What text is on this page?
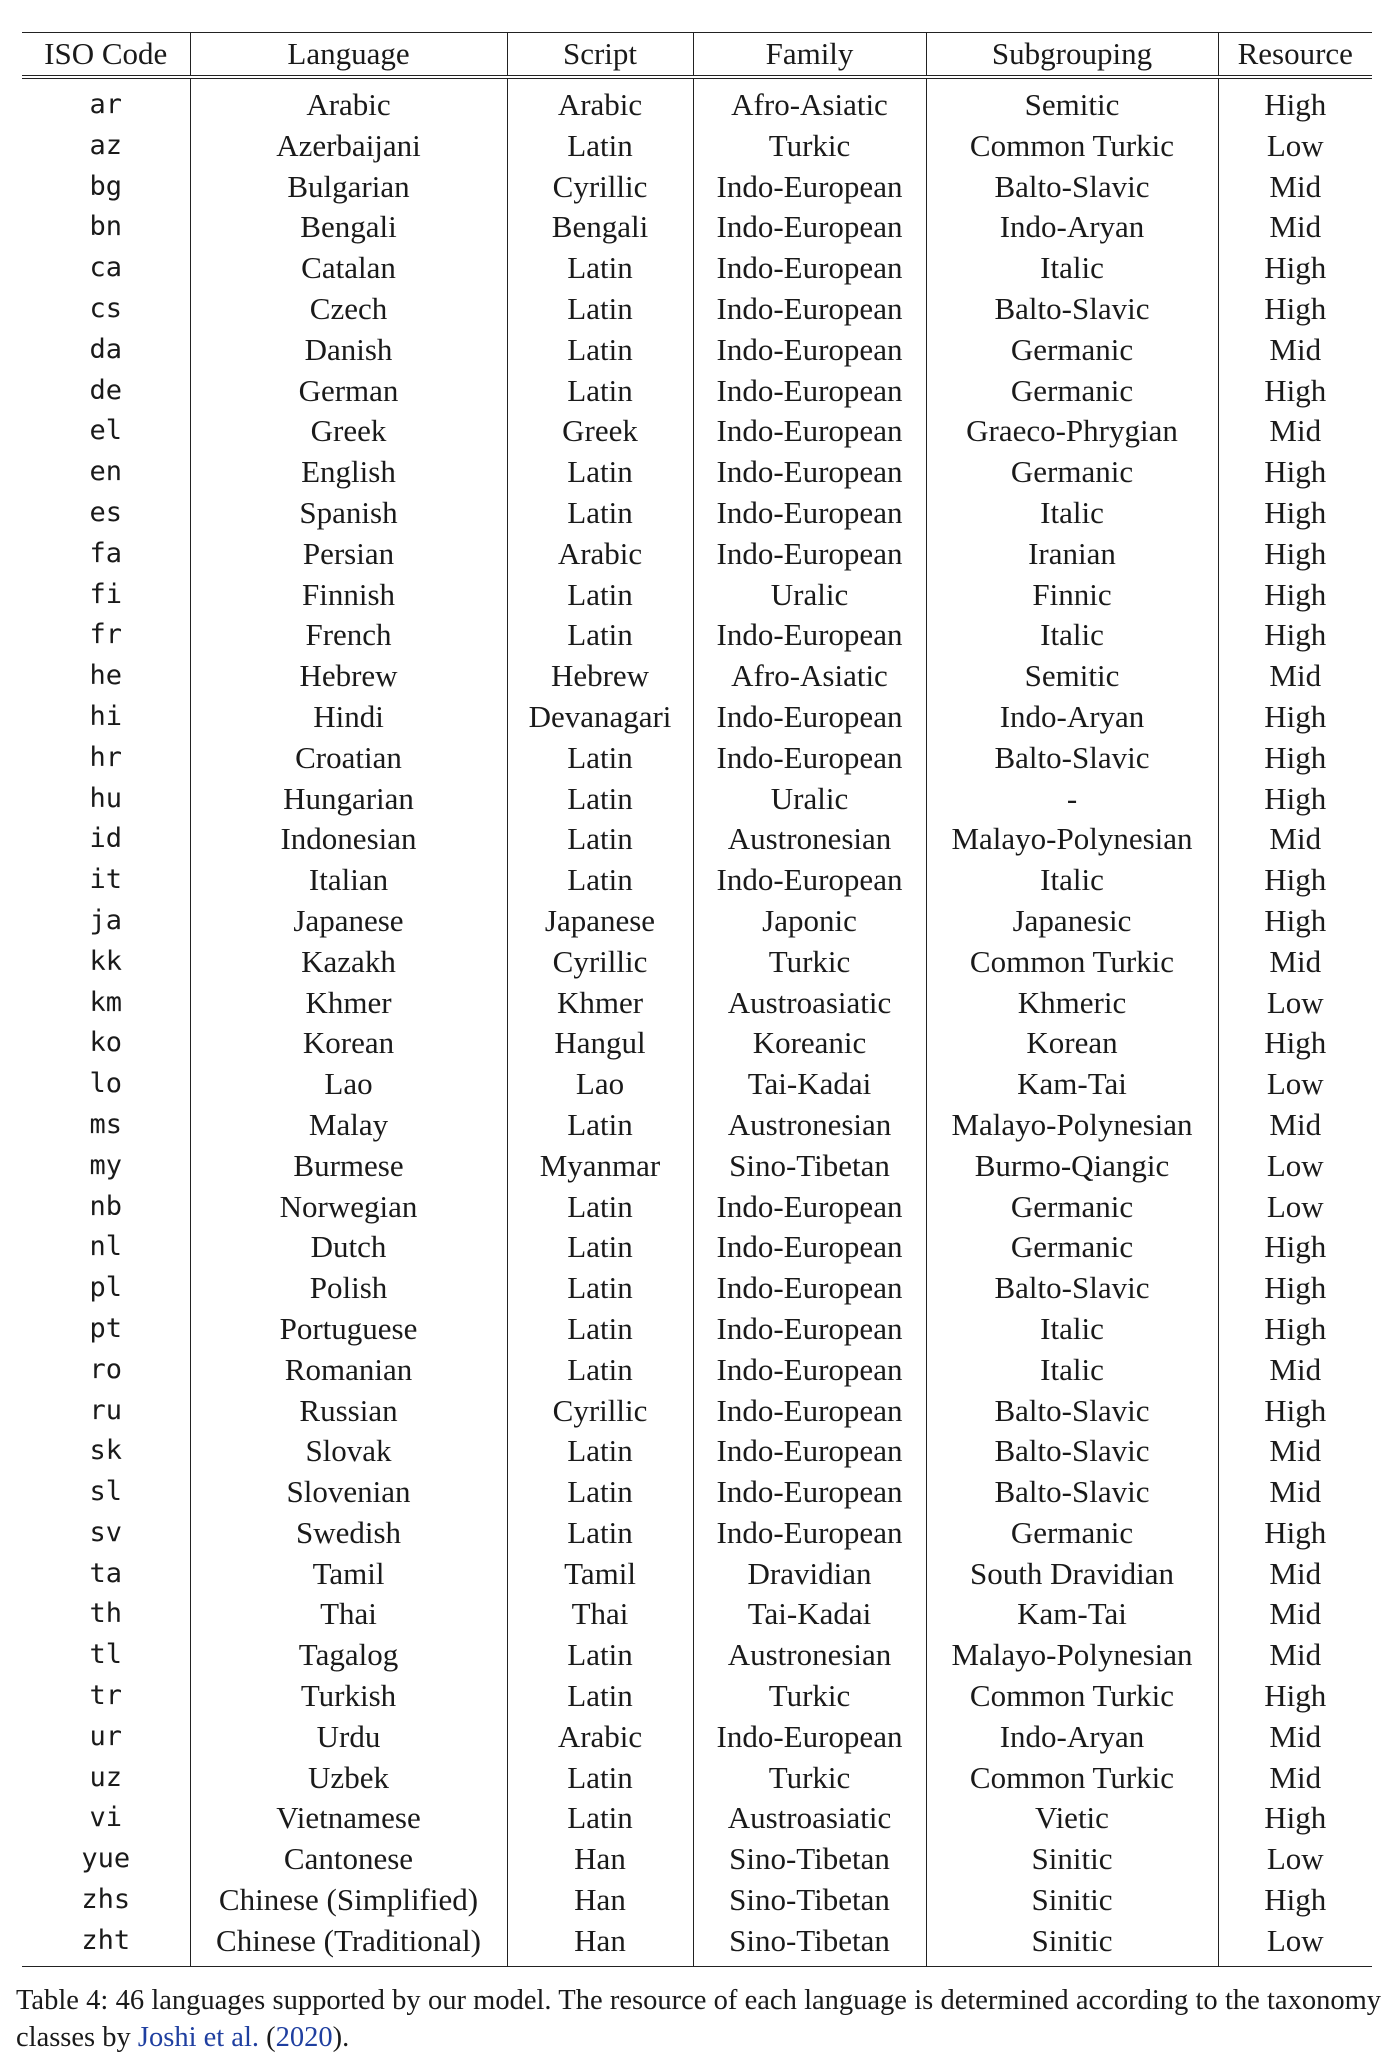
ISO Code	Language	Script	Family	Subgrouping	Resource
ar	Arabic	Arabic	Afro-Asiatic	Semitic	High
az	Azerbaijani	Latin	Turkic	Common Turkic	Low
bg	Bulgarian	Cyrillic	Indo-European	Balto-Slavic	Mid
bn	Bengali	Bengali	Indo-European	Indo-Aryan	Mid
ca	Catalan	Latin	Indo-European	Italic	High
cs	Czech	Latin	Indo-European	Balto-Slavic	High
da	Danish	Latin	Indo-European	Germanic	Mid
de	German	Latin	Indo-European	Germanic	High
el	Greek	Greek	Indo-European	Graeco-Phrygian	Mid
en	English	Latin	Indo-European	Germanic	High
es	Spanish	Latin	Indo-European	Italic	High
fa	Persian	Arabic	Indo-European	Iranian	High
fi	Finnish	Latin	Uralic	Finnic	High
fr	French	Latin	Indo-European	Italic	High
he	Hebrew	Hebrew	Afro-Asiatic	Semitic	Mid
hi	Hindi	Devanagari	Indo-European	Indo-Aryan	High
hr	Croatian	Latin	Indo-European	Balto-Slavic	High
hu	Hungarian	Latin	Uralic	-	High
id	Indonesian	Latin	Austronesian	Malayo-Polynesian	Mid
it	Italian	Latin	Indo-European	Italic	High
ja	Japanese	Japanese	Japonic	Japanesic	High
kk	Kazakh	Cyrillic	Turkic	Common Turkic	Mid
km	Khmer	Khmer	Austroasiatic	Khmeric	Low
ko	Korean	Hangul	Koreanic	Korean	High
lo	Lao	Lao	Tai-Kadai	Kam-Tai	Low
ms	Malay	Latin	Austronesian	Malayo-Polynesian	Mid
my	Burmese	Myanmar	Sino-Tibetan	Burmo-Qiangic	Low
nb	Norwegian	Latin	Indo-European	Germanic	Low
nl	Dutch	Latin	Indo-European	Germanic	High
pl	Polish	Latin	Indo-European	Balto-Slavic	High
pt	Portuguese	Latin	Indo-European	Italic	High
ro	Romanian	Latin	Indo-European	Italic	Mid
ru	Russian	Cyrillic	Indo-European	Balto-Slavic	High
sk	Slovak	Latin	Indo-European	Balto-Slavic	Mid
sl	Slovenian	Latin	Indo-European	Balto-Slavic	Mid
sv	Swedish	Latin	Indo-European	Germanic	High
ta	Tamil	Tamil	Dravidian	South Dravidian	Mid
th	Thai	Thai	Tai-Kadai	Kam-Tai	Mid
tl	Tagalog	Latin	Austronesian	Malayo-Polynesian	Mid
tr	Turkish	Latin	Turkic	Common Turkic	High
ur	Urdu	Arabic	Indo-European	Indo-Aryan	Mid
uz	Uzbek	Latin	Turkic	Common Turkic	Mid
vi	Vietnamese	Latin	Austroasiatic	Vietic	High
yue	Cantonese	Han	Sino-Tibetan	Sinitic	Low
zhs	Chinese (Simplified)	Han	Sino-Tibetan	Sinitic	High
zht	Chinese (Traditional)	Han	Sino-Tibetan	Sinitic	Low
Table 4: 46 languages supported by our model. The resource of each language is determined according to the taxonomy classes by Joshi et al. (2020).
